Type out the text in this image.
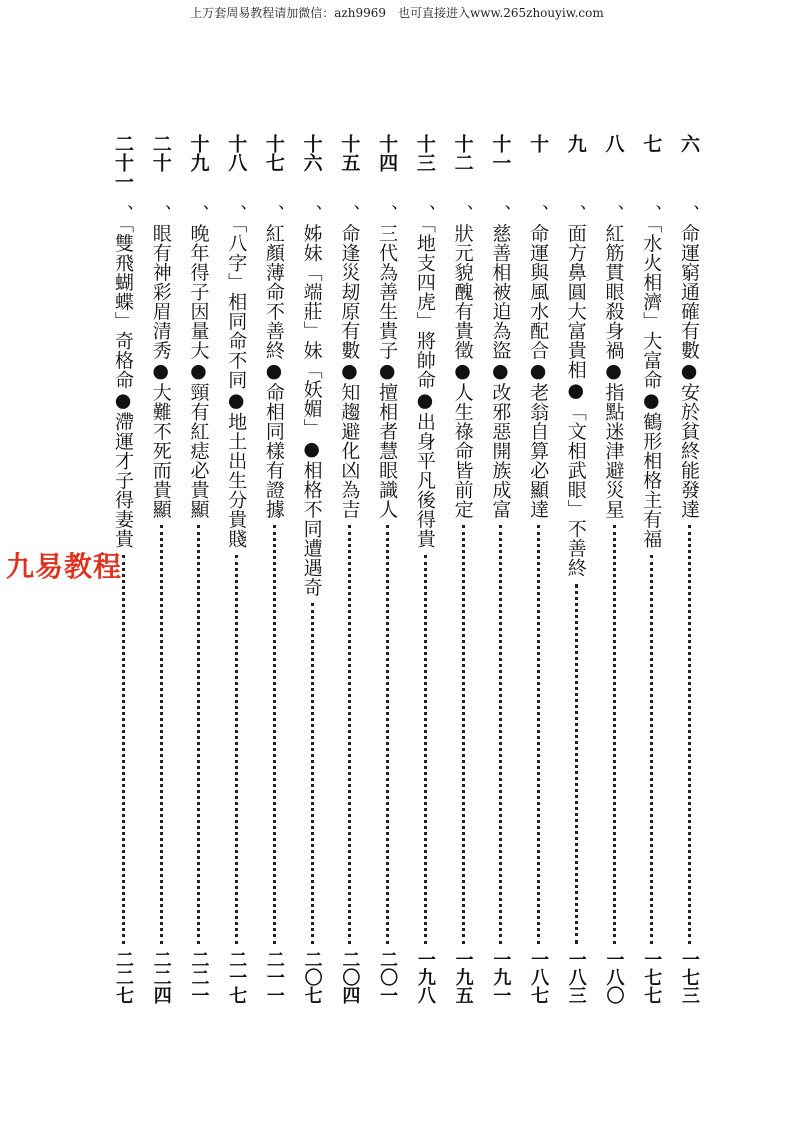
上万套周易教程请加微信：azh9969　也可直接进入www.265zhouyiw.com
九易教程
六
、命運窮通確有數●安於貧終能發達
一七三
七
、「水火相濟」大富命●鶴形相格主有福
一七七
八
、紅筋貫眼殺身禍●指點迷津避災星
一八〇
九
、面方鼻圓大富貴相●「文相武眼」不善終
一八三
十
、命運與風水配合●老翁自算必顯達
一八七
十一
、慈善相被迫為盜●改邪惡開族成富
一九一
十二
、狀元貌醜有貴徵●人生祿命皆前定
一九五
十三
、「地支四虎」將帥命●出身平凡後得貴
一九八
十四
、三代為善生貴子●擅相者慧眼識人
二〇一
十五
、命逢災刼原有數●知趨避化凶為吉
二〇四
十六
、姊妹「端莊」妹「妖媚」●相格不同遭遇奇
二〇七
十七
、紅顏薄命不善終●命相同樣有證據
二一一
十八
、「八字」相同命不同●地土出生分貴賤
二一七
十九
、晚年得子因量大●頸有紅痣必貴顯
二二一
二十
、眼有神彩眉清秀●大難不死而貴顯
二二四
二十一
、「雙飛蝴蝶」奇格命●滯運才子得妻貴
二二七
